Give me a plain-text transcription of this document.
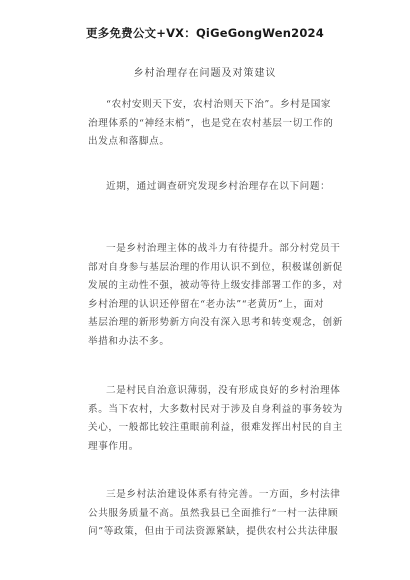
更多免费公文+VX：QiGeGongWen2024
乡村治理存在问题及对策建议
“农村安则天下安，农村治则天下治”。乡村是国家
治理体系的“神经末梢”，也是党在农村基层一切工作的
出发点和落脚点。
近期，通过调查研究发现乡村治理存在以下问题：
一是乡村治理主体的战斗力有待提升。部分村党员干
部对自身参与基层治理的作用认识不到位，积极谋创新促
发展的主动性不强，被动等待上级安排部署工作的多，对
乡村治理的认识还停留在“老办法”“老黄历”上，面对
基层治理的新形势新方向没有深入思考和转变观念，创新
举措和办法不多。
二是村民自治意识薄弱，没有形成良好的乡村治理体
系。当下农村，大多数村民对于涉及自身利益的事务较为
关心，一般都比较注重眼前利益，很难发挥出村民的自主
理事作用。
三是乡村法治建设体系有待完善。一方面，乡村法律
公共服务质量不高。虽然我县已全面推行“一村一法律顾
问”等政策，但由于司法资源紧缺，提供农村公共法律服
